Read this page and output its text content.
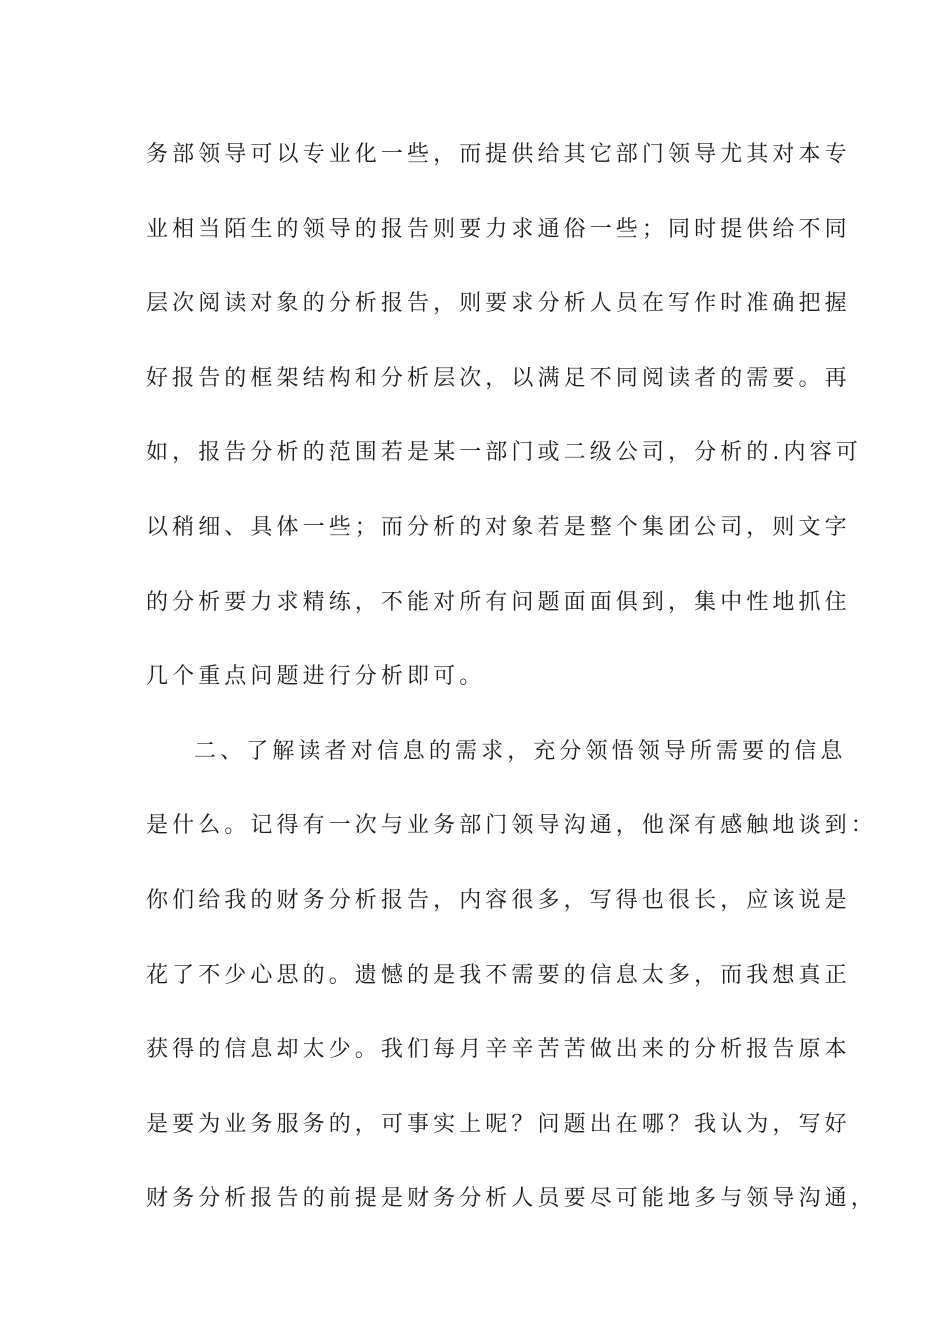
务部领导可以专业化一些，而提供给其它部门领导尤其对本专
业相当陌生的领导的报告则要力求通俗一些；同时提供给不同
层次阅读对象的分析报告，则要求分析人员在写作时准确把握
好报告的框架结构和分析层次，以满足不同阅读者的需要。再
如，报告分析的范围若是某一部门或二级公司，分析的.内容可
以稍细、具体一些；而分析的对象若是整个集团公司，则文字
的分析要力求精练，不能对所有问题面面俱到，集中性地抓住
几个重点问题进行分析即可。
二、了解读者对信息的需求，充分领悟领导所需要的信息
是什么。记得有一次与业务部门领导沟通，他深有感触地谈到：
你们给我的财务分析报告，内容很多，写得也很长，应该说是
花了不少心思的。遗憾的是我不需要的信息太多，而我想真正
获得的信息却太少。我们每月辛辛苦苦做出来的分析报告原本
是要为业务服务的，可事实上呢？问题出在哪？我认为，写好
财务分析报告的前提是财务分析人员要尽可能地多与领导沟通，
